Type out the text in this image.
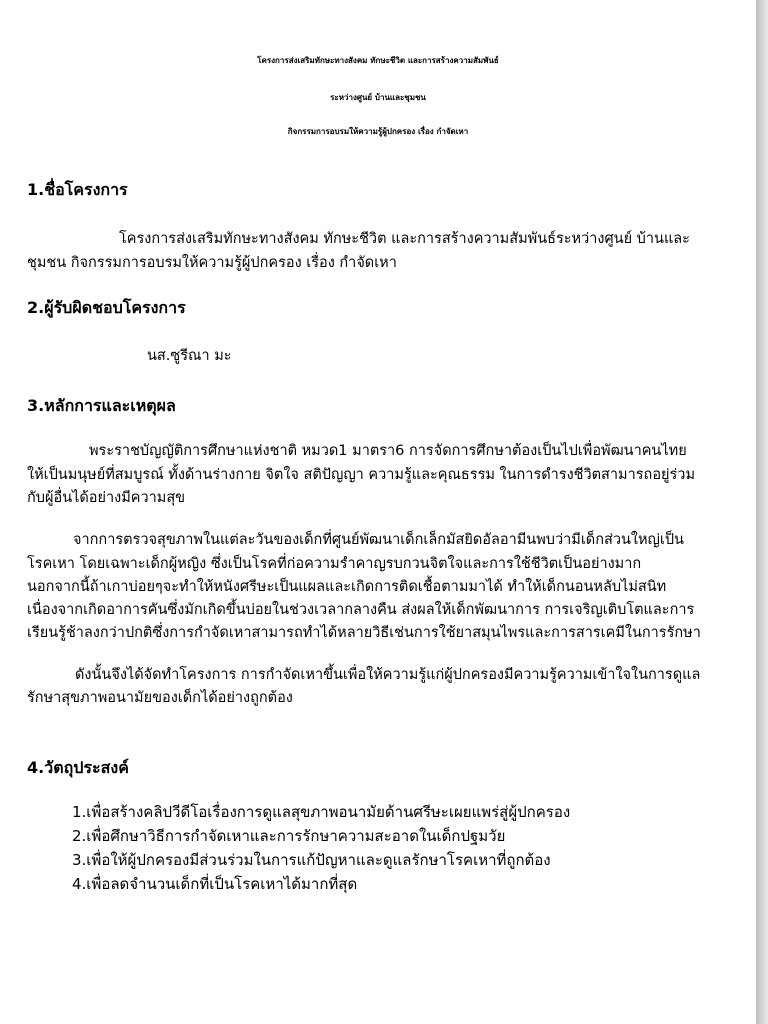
โครงการส่งเสริมทักษะทางสังคม ทักษะชีวิต และการสร้างความสัมพันธ์
ระหว่างศูนย์ บ้านและชุมชน
กิจกรรมการอบรมให้ความรู้ผู้ปกครอง เรื่อง กำจัดเหา
1.ชื่อโครงการ
โครงการส่งเสริมทักษะทางสังคม ทักษะชีวิต และการสร้างความสัมพันธ์ระหว่างศูนย์ บ้านและ
ชุมชน กิจกรรมการอบรมให้ความรู้ผู้ปกครอง เรื่อง กำจัดเหา
2.ผู้รับผิดชอบโครงการ
นส.ซูรีณา มะ
3.หลักการและเหตุผล
พระราชบัญญัติการศึกษาแห่งชาติ หมวด1 มาตรา6 การจัดการศึกษาต้องเป็นไปเพื่อพัฒนาคนไทย
ให้เป็นมนุษย์ที่สมบูรณ์ ทั้งด้านร่างกาย จิตใจ สติปัญญา ความรู้และคุณธรรม ในการดำรงชีวิตสามารถอยู่ร่วม
กับผู้อื่นได้อย่างมีความสุข
จากการตรวจสุขภาพในแต่ละวันของเด็กที่ศูนย์พัฒนาเด็กเล็กมัสยิดอัลอามีนพบว่ามีเด็กส่วนใหญ่เป็น
โรคเหา โดยเฉพาะเด็กผู้หญิง ซึ่งเป็นโรคที่ก่อความรำคาญรบกวนจิตใจและการใช้ชีวิตเป็นอย่างมาก
นอกจากนี้ถ้าเกาบ่อยๆจะทำให้หนังศรีษะเป็นแผลและเกิดการติดเชื้อตามมาได้ ทำให้เด็กนอนหลับไม่สนิท
เนื่องจากเกิดอาการคันซึ่งมักเกิดขึ้นบ่อยในช่วงเวลากลางคืน ส่งผลให้เด็กพัฒนาการ การเจริญเติบโตและการ
เรียนรู้ช้าลงกว่าปกติซึ่งการกำจัดเหาสามารถทำได้หลายวิธีเช่นการใช้ยาสมุนไพรและการสารเคมีในการรักษา
ดังนั้นจึงได้จัดทำโครงการ การกำจัดเหาขึ้นเพื่อให้ความรู้แก่ผู้ปกครองมีความรู้ความเข้าใจในการดูแล
รักษาสุขภาพอนามัยของเด็กได้อย่างถูกต้อง
4.วัตถุประสงค์
1.เพื่อสร้างคลิปวีดีโอเรื่องการดูแลสุขภาพอนามัยด้านศรีษะเผยแพร่สู่ผู้ปกครอง
2.เพื่อศึกษาวิธีการกำจัดเหาและการรักษาความสะอาดในเด็กปฐมวัย
3.เพื่อให้ผู้ปกครองมีส่วนร่วมในการแก้ปัญหาและดูแลรักษาโรคเหาที่ถูกต้อง
4.เพื่อลดจำนวนเด็กที่เป็นโรคเหาได้มากที่สุด
